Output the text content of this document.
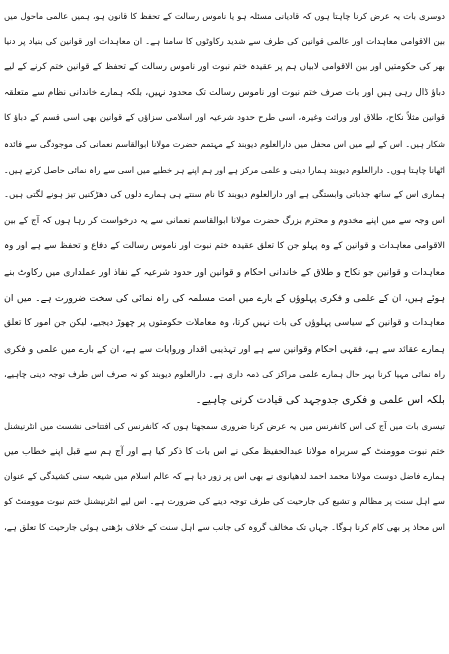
دوسری بات یہ عرض کرنا چاہتا ہوں کہ قادیانی مسئلہ ہو یا ناموس رسالت کے تحفظ کا قانون ہو، ہمیں عالمی ماحول میں
بین الاقوامی معاہدات اور عالمی قوانین کی طرف سے شدید رکاوٹوں کا سامنا ہے۔ ان معاہدات اور قوانین کی بنیاد پر دنیا
بھر کی حکومتیں اور بین الاقوامی لابیاں ہم پر عقیدہ ختم نبوت اور ناموس رسالت کے تحفظ کے قوانین ختم کرنے کے لیے
دباؤ ڈال رہی ہیں اور بات صرف ختم نبوت اور ناموس رسالت تک محدود نہیں، بلکہ ہمارے خاندانی نظام سے متعلقہ
قوانین مثلاً نکاح، طلاق اور وراثت وغیرہ، اسی طرح حدود شرعیہ اور اسلامی سزاؤں کے قوانین بھی اسی قسم کے دباؤ کا
شکار ہیں۔ اس کے لیے میں اس محفل میں دارالعلوم دیوبند کے مہتمم حضرت مولانا ابوالقاسم نعمانی کی موجودگی سے فائدہ
اٹھانا چاہتا ہوں۔ دارالعلوم دیوبند ہمارا دینی و علمی مرکز ہے اور ہم اپنے ہر خطبے میں اسی سے راہ نمائی حاصل کرتے ہیں۔
ہماری اس کے ساتھ جذباتی وابستگی ہے اور دارالعلوم دیوبند کا نام سنتے ہی ہمارے دلوں کی دھڑکنیں تیز ہونے لگتی ہیں۔
اس وجہ سے میں اپنے مخدوم و محترم بزرگ حضرت مولانا ابوالقاسم نعمانی سے یہ درخواست کر رہا ہوں کہ آج کے بین
الاقوامی معاہدات و قوانین کے وہ پہلو جن کا تعلق عقیدہ ختم نبوت اور ناموس رسالت کے دفاع و تحفظ سے ہے اور وہ
معاہدات و قوانین جو نکاح و طلاق کے خاندانی احکام و قوانین اور حدود شرعیہ کے نفاذ اور عملداری میں رکاوٹ بنے
ہوئے ہیں، ان کے علمی و فکری پہلوؤں کے بارے میں امت مسلمہ کی راہ نمائی کی سخت ضرورت ہے۔ میں ان
معاہدات و قوانین کے سیاسی پہلوؤں کی بات نہیں کرتا، وہ معاملات حکومتوں پر چھوڑ دیجیے، لیکن جن امور کا تعلق
ہمارے عقائد سے ہے، فقہی احکام وقوانین سے ہے اور تہذیبی اقدار وروایات سے ہے، ان کے بارے میں علمی و فکری
راہ نمائی مہیا کرنا بہر حال ہمارے علمی مراکز کی ذمہ داری ہے۔ دارالعلوم دیوبند کو نہ صرف اس طرف توجہ دینی چاہیے،
بلکہ اس علمی و فکری جدوجہد کی قیادت کرنی چاہیے۔
تیسری بات میں آج کی اس کانفرنس میں یہ عرض کرنا ضروری سمجھتا ہوں کہ کانفرنس کی افتتاحی نشست میں انٹرنیشنل
ختم نبوت موومنٹ کے سربراہ مولانا عبدالحفیظ مکی نے اس بات کا ذکر کیا ہے اور آج ہم سے قبل اپنے خطاب میں
ہمارے فاضل دوست مولانا محمد احمد لدھیانوی نے بھی اس پر زور دیا ہے کہ عالم اسلام میں شیعہ سنی کشیدگی کے عنوان
سے اہل سنت پر مظالم و تشیع کی جارحیت کی طرف توجہ دینے کی ضرورت ہے۔ اس لیے انٹرنیشنل ختم نبوت موومنٹ کو
اس محاذ پر بھی کام کرنا ہوگا۔ جہاں تک مخالف گروہ کی جانب سے اہل سنت کے خلاف بڑھتی ہوئی جارحیت کا تعلق ہے،
